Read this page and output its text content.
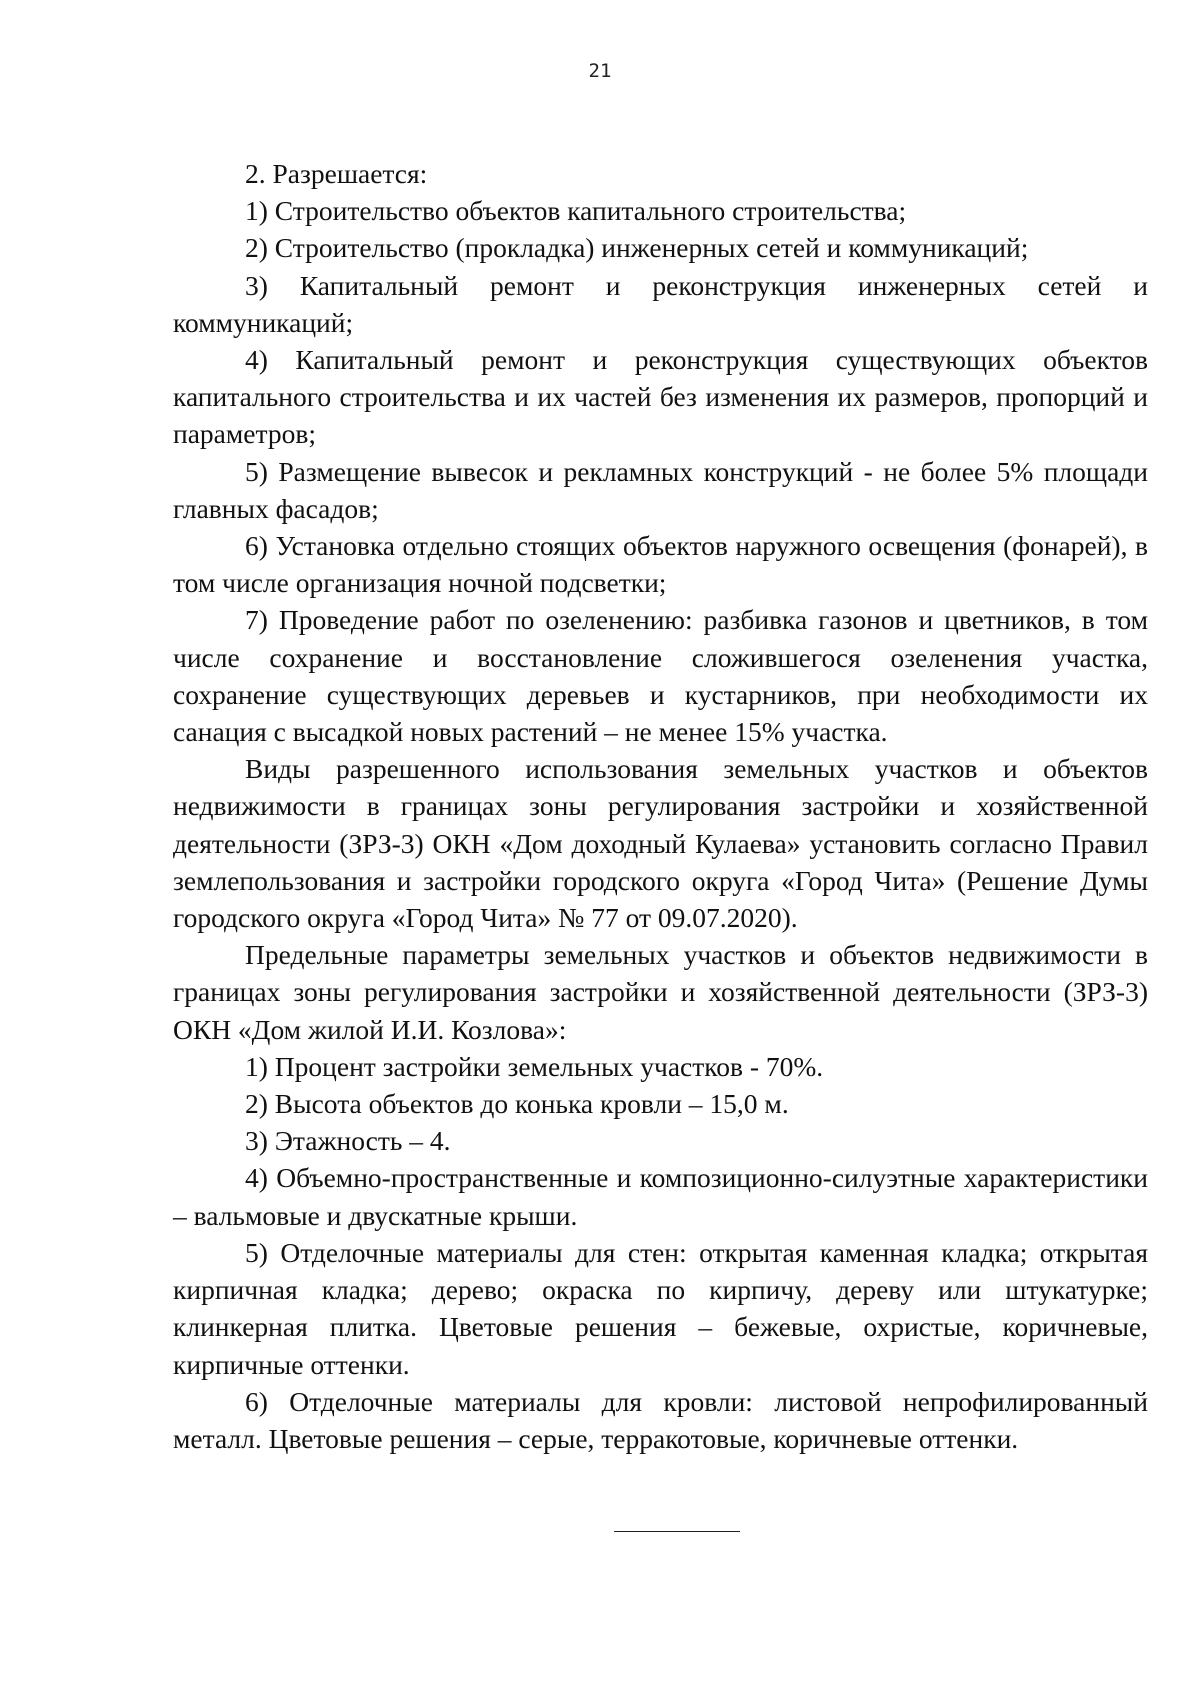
21

2. Разрешается:

1) Строительство объектов капитального строительства;

2) Строительство (прокладка) инженерных сетей и коммуникаций;

3) Капитальный ремонт и реконструкция инженерных сетей и коммуникаций;

4) Капитальный ремонт и реконструкция существующих объектов капитального строительства и их частей без изменения их размеров, пропорций и параметров;

5) Размещение вывесок и рекламных конструкций - не более 5% площади главных фасадов;

6) Установка отдельно стоящих объектов наружного освещения (фонарей), в том числе организация ночной подсветки;

7) Проведение работ по озеленению: разбивка газонов и цветников, в том числе сохранение и восстановление сложившегося озеленения участка, сохранение существующих деревьев и кустарников, при необходимости их санация с высадкой новых растений – не менее 15% участка.

Виды разрешенного использования земельных участков и объектов недвижимости в границах зоны регулирования застройки и хозяйственной деятельности (ЗРЗ-3) ОКН «Дом доходный Кулаева» установить согласно Правил землепользования и застройки городского округа «Город Чита» (Решение Думы городского округа «Город Чита» № 77 от 09.07.2020).

Предельные параметры земельных участков и объектов недвижимости в границах зоны регулирования застройки и хозяйственной деятельности (ЗРЗ-3) ОКН «Дом жилой И.И. Козлова»:

1) Процент застройки земельных участков - 70%.

2) Высота объектов до конька кровли – 15,0 м.

3) Этажность – 4.

4) Объемно-пространственные и композиционно-силуэтные характеристики – вальмовые и двускатные крыши.

5) Отделочные материалы для стен: открытая каменная кладка; открытая кирпичная кладка; дерево; окраска по кирпичу, дереву или штукатурке; клинкерная плитка. Цветовые решения – бежевые, охристые, коричневые, кирпичные оттенки.

6) Отделочные материалы для кровли: листовой непрофилированный металл. Цветовые решения – серые, терракотовые, коричневые оттенки.
